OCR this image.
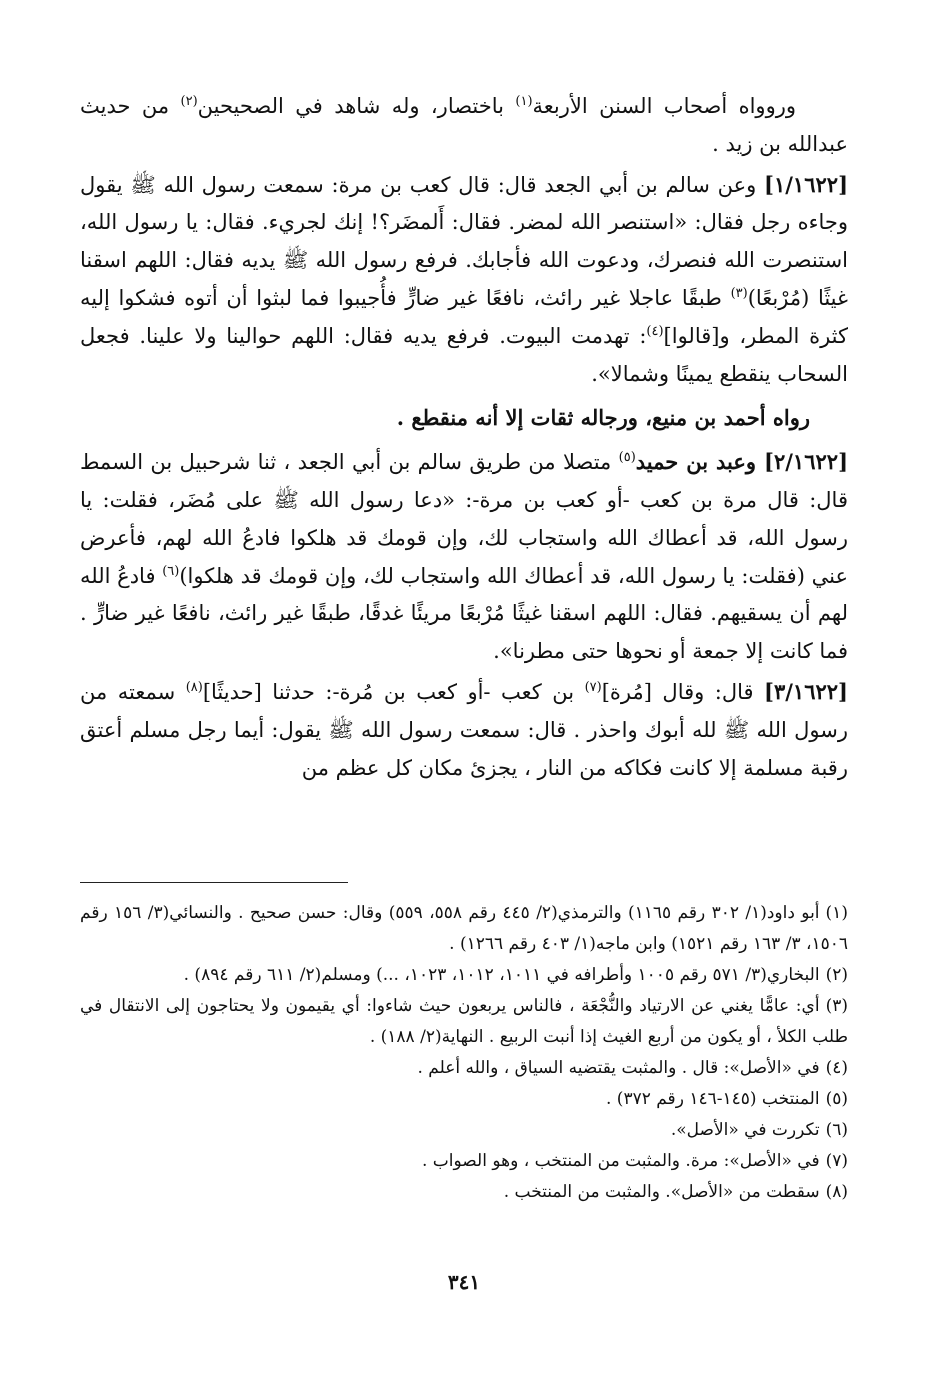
وروواه أصحاب السنن الأربعة$^{(١)}$ باختصار، وله شاهد في الصحيحين$^{(٢)}$ من حديث عبدالله بن زيد .

[١/١٦٢٢] وعن سالم بن أبي الجعد قال: قال كعب بن مرة: سمعت رسول الله ﷺ يقول وجاءه رجل فقال: «استنصر الله لمضر. فقال: أَلمضَر؟! إنك لجريء. فقال: يا رسول الله، استنصرت الله فنصرك، ودعوت الله فأجابك. فرفع رسول الله ﷺ يديه فقال: اللهم اسقنا غيثًا (مُرْبعًا)$^{(٣)}$ طبقًا عاجلا غير رائث، نافعًا غير ضارٍّ فأُجيبوا فما لبثوا أن أتوه فشكوا إليه كثرة المطر، و[قالوا]$^{(٤)}$: تهدمت البيوت. فرفع يديه فقال: اللهم حوالينا ولا علينا. فجعل السحاب ينقطع يمينًا وشمالا».

رواه أحمد بن منيع، ورجاله ثقات إلا أنه منقطع .

[٢/١٦٢٢] وعبد بن حميد$^{(٥)}$ متصلا من طريق سالم بن أبي الجعد ، ثنا شرحبيل بن السمط قال: قال مرة بن كعب -أو كعب بن مرة-: «دعا رسول الله ﷺ على مُضَر، فقلت: يا رسول الله، قد أعطاك الله واستجاب لك، وإن قومك قد هلكوا فادعُ الله لهم، فأعرض عني (فقلت: يا رسول الله، قد أعطاك الله واستجاب لك، وإن قومك قد هلكوا)$^{(٦)}$ فادعُ الله لهم أن يسقيهم. فقال: اللهم اسقنا غيثًا مُرْبعًا مريئًا غدقًا، طبقًا غير رائث، نافعًا غير ضارٍّ . فما كانت إلا جمعة أو نحوها حتى مطرنا».

[٣/١٦٢٢] قال: وقال [مُرة]$^{(٧)}$ بن كعب -أو كعب بن مُرة-: حدثنا [حديثًا]$^{(٨)}$ سمعته من رسول الله ﷺ لله أبوك واحذر . قال: سمعت رسول الله ﷺ يقول: أيما رجل مسلم أعتق رقبة مسلمة إلا كانت فكاكه من النار ، يجزئ مكان كل عظم من

(١)أبو داود(١/ ٣٠٢ رقم ١١٦٥) والترمذي(٢/ ٤٤٥ رقم ٥٥٨، ٥٥٩) وقال: حسن صحيح . والنسائي(٣/ ١٥٦ رقم ١٥٠٦، ٣/ ١٦٣ رقم ١٥٢١) وابن ماجه(١/ ٤٠٣ رقم ١٢٦٦) .
(٢)البخاري(٣/ ٥٧١ رقم ١٠٠٥ وأطرافه في ١٠١١، ١٠١٢، ١٠٢٣، ...) ومسلم(٢/ ٦١١ رقم ٨٩٤) .
(٣)أي: عامًّا يغني عن الارتياد والنُّجْعَة ، فالناس يربعون حيث شاءوا: أي يقيمون ولا يحتاجون إلى الانتقال في طلب الكلأ ، أو يكون من أربع الغيث إذا أنبت الربيع . النهاية(٢/ ١٨٨) .
(٤)في «الأصل»: قال . والمثبت يقتضيه السياق ، والله أعلم .
(٥)المنتخب (١٤٥-١٤٦ رقم ٣٧٢) .
(٦)تكررت في «الأصل».
(٧)في «الأصل»: مرة. والمثبت من المنتخب ، وهو الصواب .
(٨)سقطت من «الأصل». والمثبت من المنتخب .
٣٤١
